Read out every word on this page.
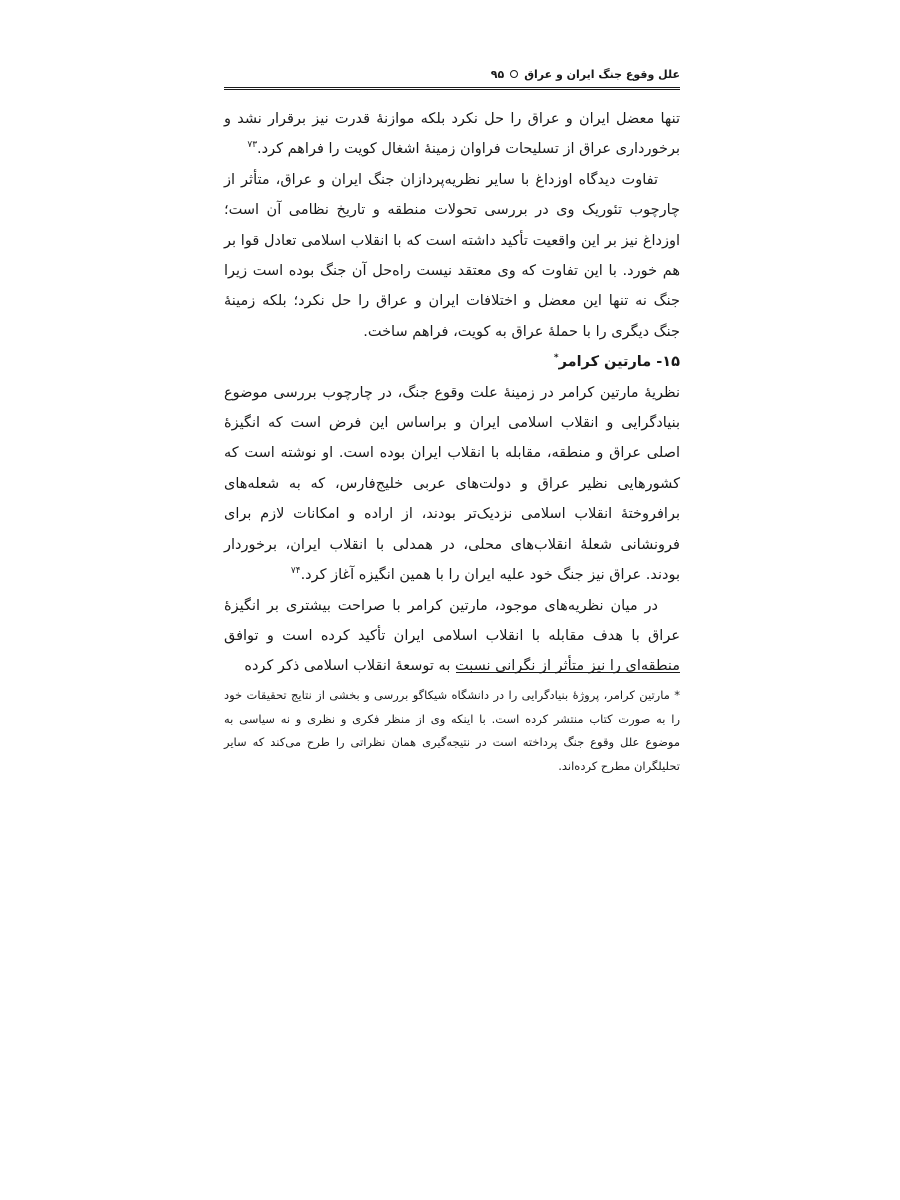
علل وقوع جنگ ایران و عراق۹۵

تنها معضل ایران و عراق را حل نکرد بلکه موازنهٔ قدرت نیز برقرار نشد و برخورداری عراق از تسلیحات فراوان زمینهٔ اشغال کویت را فراهم کرد.$^{۷۳}$

تفاوت دیدگاه اوزداغ با سایر نظریه‌پردازان جنگ ایران و عراق، متأثر از چارچوب تئوریک وی در بررسی تحولات منطقه و تاریخ نظامی آن است؛ اوزداغ نیز بر این واقعیت تأکید داشته است که با انقلاب اسلامی تعادل قوا بر هم خورد. با این تفاوت که وی معتقد نیست راه‌حل آن جنگ بوده است زیرا جنگ نه تنها این معضل و اختلافات ایران و عراق را حل نکرد؛ بلکه زمینهٔ جنگ دیگری را با حملهٔ عراق به کویت، فراهم ساخت.

۱۵- مارتین کرامر*

نظریهٔ مارتین کرامر در زمینهٔ علت وقوع جنگ، در چارچوب بررسی موضوع بنیادگرایی و انقلاب اسلامی ایران و براساس این فرض است که انگیزهٔ اصلی عراق و منطقه، مقابله با انقلاب ایران بوده است. او نوشته است که کشورهایی نظیر عراق و دولت‌های عربی خلیج‌فارس، که به شعله‌های برافروختهٔ انقلاب اسلامی نزدیک‌تر بودند، از اراده و امکانات لازم برای فرونشانی شعلهٔ انقلاب‌های محلی، در همدلی با انقلاب ایران، برخوردار بودند. عراق نیز جنگ خود علیه ایران را با همین انگیزه آغاز کرد.$^{۷۴}$

در میان نظریه‌های موجود، مارتین کرامر با صراحت بیشتری بر انگیزهٔ عراق با هدف مقابله با انقلاب اسلامی ایران تأکید کرده است و توافق منطقه‌ای را نیز متأثر از نگرانی نسبت به توسعهٔ انقلاب اسلامی ذکر کرده

* مارتین کرامر، پروژهٔ بنیادگرایی را در دانشگاه شیکاگو بررسی و بخشی از نتایج تحقیقات خود را به صورت کتاب منتشر کرده است. با اینکه وی از منظر فکری و نظری و نه سیاسی به موضوع علل وقوع جنگ پرداخته است در نتیجه‌گیری همان نظراتی را طرح می‌کند که سایر تحلیلگران مطرح کرده‌اند.
